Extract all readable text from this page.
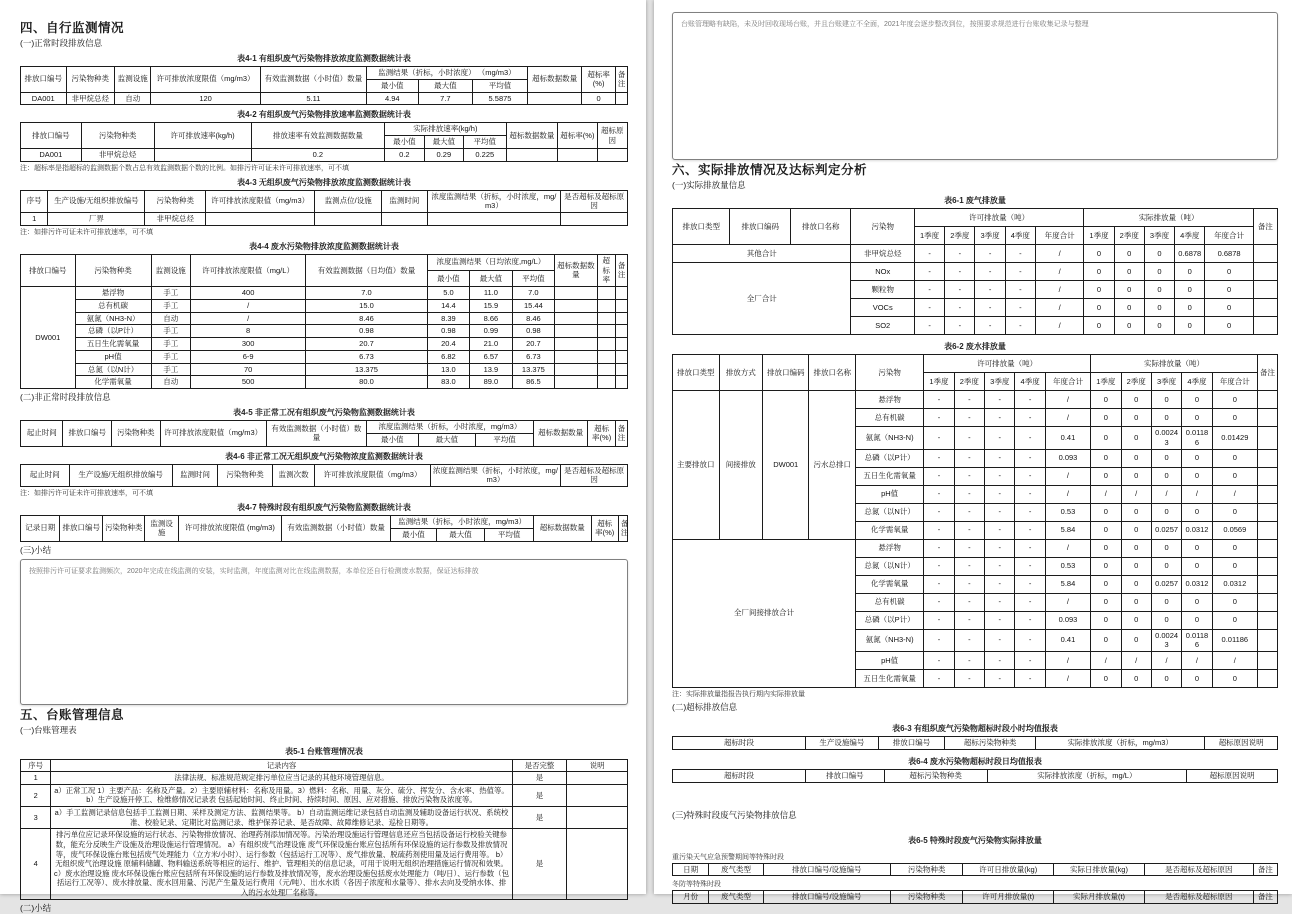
四、自行监测情况
(一)正常时段排放信息
表4-1 有组织废气污染物排放浓度监测数据统计表
排放口编号	污染物种类	监测设施	许可排放浓度限值（mg/m3）	有效监测数据（小时值）数量	监测结果（折标，小时浓度） （mg/m3）			超标数据数量	超标率(%)	备注
					最小值	最大值	平均值			
DA001	非甲烷总烃	自动	120	5.11	4.94	7.7	5.5875		0	
表4-2 有组织废气污染物排放速率监测数据统计表
排放口编号	污染物种类	许可排放速率(kg/h)	排放速率有效监测数据数量	实际排放速率(kg/h)			超标数据数量	超标率(%)	超标原因
				最小值	最大值	平均值			
DA001	非甲烷总烃		0.2	0.2	0.29	0.225			
注：超标率是指超标的监测数据个数占总有效监测数据个数的比例。如排污许可证未许可排放速率，可不填
表4-3 无组织废气污染物排放浓度监测数据统计表
序号	生产设施/无组织排放编号	污染物种类	许可排放浓度限值（mg/m3）	监测点位/设施	监测时间	浓度监测结果（折标，小时浓度，mg/m3）	是否超标及超标原因
1	厂界	非甲烷总烃					
注：如排污许可证未许可排放速率，可不填
表4-4 废水污染物排放浓度监测数据统计表
排放口编号	污染物种类	监测设施	许可排放浓度限值（mg/L）	有效监测数据（日均值）数量	浓度监测结果（日均浓度,mg/L）			超标数据数量	超标率	备注
					最小值	最大值	平均值			
DW001	悬浮物	手工	400	7.0	5.0	11.0	7.0			
	总有机碳	手工	/	15.0	14.4	15.9	15.44			
	氨氮（NH3-N）	自动	/	8.46	8.39	8.66	8.46			
	总磷（以P计）	手工	8	0.98	0.98	0.99	0.98			
	五日生化需氧量	手工	300	20.7	20.4	21.0	20.7			
	pH值	手工	6-9	6.73	6.82	6.57	6.73			
	总氮（以N计）	手工	70	13.375	13.0	13.9	13.375			
	化学需氧量	自动	500	80.0	83.0	89.0	86.5			
(二)非正常时段排放信息
表4-5 非正常工况有组织废气污染物监测数据统计表
起止时间	排放口编号	污染物种类	许可排放浓度限值（mg/m3）	有效监测数据（小时值）数量	浓度监测结果（折标，小时浓度，mg/m3）			超标数据数量	超标率(%)	备注
					最小值	最大值	平均值			
表4-6 非正常工况无组织废气污染物浓度监测数据统计表
起止时间	生产设施/无组织排放编号	监测时间	污染物种类	监测次数	许可排放浓度限值（mg/m3）	浓度监测结果（折标，小时浓度，mg/m3）	是否超标及超标原因
注：如排污许可证未许可排放速率，可不填
表4-7 特殊时段有组织废气污染物监测数据统计表
记录日期	排放口编号	污染物种类	监测设施	许可排放浓度限值 (mg/m3)	有效监测数据（小时值）数量	监测结果（折标，小时浓度，mg/m3）			超标数据数量	超标率(%)	备注
						最小值	最大值	平均值			
(三)小结
按照排污许可证要求监测频次，2020年完成在线监测的安装，实时监测，年度监测对比在线监测数据，本单位还自行检测废水数据，保证达标排放
五、台账管理信息
(一)台账管理表
表5-1 台账管理情况表
序号	记录内容	是否完整	说明
1	法律法规、标准规范规定排污单位应当记录的其他环境管理信息。	是	
2	a）正常工况 1）主要产品：名称及产量。2）主要原辅材料：名称及用量。3）燃料：名称、用量、灰分、硫分、挥发分、含水率、热值等。 b）生产设施开停工、检维修情况记录表 包括起始时间、终止时间、持续时间、原因、应对措施、排放污染物及浓度等。	是	
3	a）手工监测记录信息包括手工监测日期、采样及测定方法、监测结果等。 b）自动监测运维记录包括自动监测及辅助设备运行状况、系统校准、校验记录、定期比对监测记录、维护保养记录、是否故障、故障维修记录、巡检日期等。	是	
4	排污单位应记录环保设施的运行状态、污染物排放情况、治理药剂添加情况等。污染治理设施运行管理信息还应当包括设备运行校验关键参数，能充分反映生产设施及治理设施运行管理情况。 a）有组织废气治理设施 废气环保设施台账应包括所有环保设施的运行参数及排放情况等，废气环保设施台账包括废气处理能力（立方米/小时）、运行参数（包括运行工况等）、废气排放量、脱硫药剂使用量及运行费用等。 b）无组织废气治理设施 原辅料储罐、物料输送系统等相应的运行、维护、管理相关的信息记录，可用于说明无组织治理措施运行情况和效果。 c）废水治理设施 废水环保设施台账应包括所有环保设施的运行参数及排放情况等，废水治理设施包括废水处理能力（吨/日）、运行参数（包括运行工况等）、废水排放量、废水回用量、污泥产生量及运行费用（元/吨）、出水水质（各因子浓度和水量等）、排水去向及受纳水体、排入的污水处理厂名称等。	是	
(二)小结
台账管理略有缺陷，未及时回收现场台账，并且台账建立不全面，2021年度会逐步整改到位，按照要求规范进行台账收集记录与整理
六、实际排放情况及达标判定分析
(一)实际排放量信息
表6-1 废气排放量
排放口类型	排放口编码	排放口名称	污染物	许可排放量（吨）					实际排放量（吨）					备注
				1季度	2季度	3季度	4季度	年度合计	1季度	2季度	3季度	4季度	年度合计	
其他合计			非甲烷总烃	-	-	-	-	/	0	0	0	0.6878	0.6878	
全厂合计			NOx	-	-	-	-	/	0	0	0	0	0	
			颗粒物	-	-	-	-	/	0	0	0	0	0	
			VOCs	-	-	-	-	/	0	0	0	0	0	
			SO2	-	-	-	-	/	0	0	0	0	0	
表6-2 废水排放量
排放口类型	排放方式	排放口编码	排放口名称	污染物	许可排放量（吨）					实际排放量（吨）					备注
					1季度	2季度	3季度	4季度	年度合计	1季度	2季度	3季度	4季度	年度合计	
主要排放口	间接排放	DW001	污水总排口	悬浮物	-	-	-	-	/	0	0	0	0	0	
				总有机碳	-	-	-	-	/	0	0	0	0	0	
				氨氮（NH3-N)	-	-	-	-	0.41	0	0	0.00243	0.01186	0.01429	
				总磷（以P计）	-	-	-	-	0.093	0	0	0	0	0	
				五日生化需氧量	-	-	-	-	/	0	0	0	0	0	
				pH值	-	-	-	-	/	/	/	/	/	/	
				总氮（以N计）	-	-	-	-	0.53	0	0	0	0	0	
				化学需氧量	-	-	-	-	5.84	0	0	0.0257	0.0312	0.0569	
全厂间接排放合计				悬浮物	-	-	-	-	/	0	0	0	0	0	
				总氮（以N计）	-	-	-	-	0.53	0	0	0	0	0	
				化学需氧量	-	-	-	-	5.84	0	0	0.0257	0.0312	0.0312	
				总有机碳	-	-	-	-	/	0	0	0	0	0	
				总磷（以P计）	-	-	-	-	0.093	0	0	0	0	0	
				氨氮（NH3-N)	-	-	-	-	0.41	0	0	0.00243	0.01186	0.01186	
				pH值	-	-	-	-	/	/	/	/	/	/	
				五日生化需氧量	-	-	-	-	/	0	0	0	0	0	
注：实际排放量指报告执行期内实际排放量
(二)超标排放信息
表6-3 有组织废气污染物超标时段小时均值报表
超标时段	生产设施编号	排放口编号	超标污染物种类	实际排放浓度（折标，mg/m3）	超标原因说明
表6-4 废水污染物超标时段日均值报表
超标时段	排放口编号	超标污染物种类	实际排放浓度（折标，mg/L）	超标原因说明
(三)特殊时段废气污染物排放信息
表6-5 特殊时段废气污染物实际排放量
重污染天气应急预警期间等特殊时段
日期	废气类型	排放口编号/设施编号	污染物种类	许可日排放量(kg)	实际日排放量(kg)	是否超标及超标原因	备注
冬防等特殊时段
月份	废气类型	排放口编号/设施编号	污染物种类	许可月排放量(t)	实际月排放量(t)	是否超标及超标原因	备注
